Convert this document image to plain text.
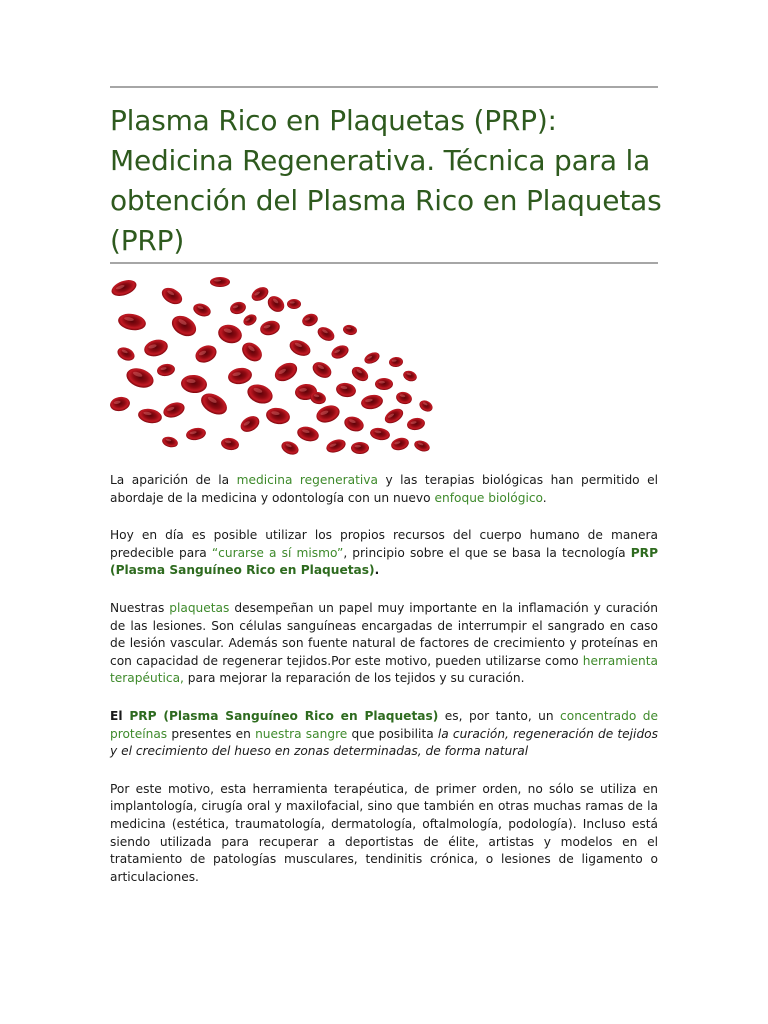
Plasma Rico en Plaquetas (PRP): Medicina Regenerativa. Técnica para la obtención del Plasma Rico en Plaquetas (PRP)

La aparición de la medicina regenerativa y las terapias biológicas han permitido el abordaje de la medicina y odontología con un nuevo enfoque biológico.

Hoy en día es posible utilizar los propios recursos del cuerpo humano de manera predecible para “curarse a sí mismo”, principio sobre el que se basa la tecnología PRP (Plasma Sanguíneo Rico en Plaquetas).

Nuestras plaquetas desempeñan un papel muy importante en la inflamación y curación de las lesiones. Son células sanguíneas encargadas de interrumpir el sangrado en caso de lesión vascular. Además son fuente natural de factores de crecimiento y proteínas en con capacidad de regenerar tejidos.Por este motivo, pueden utilizarse como herramienta terapéutica, para mejorar la reparación de los tejidos y su curación.

El PRP (Plasma Sanguíneo Rico en Plaquetas) es, por tanto, un concentrado de proteínas presentes en nuestra sangre que posibilita la curación, regeneración de tejidos y el crecimiento del hueso en zonas determinadas, de forma natural

Por este motivo, esta herramienta terapéutica, de primer orden, no sólo se utiliza en implantología, cirugía oral y maxilofacial, sino que también en otras muchas ramas de la medicina (estética, traumatología, dermatología, oftalmología, podología). Incluso está siendo utilizada para recuperar a deportistas de élite, artistas y modelos en el tratamiento de patologías musculares, tendinitis crónica, o lesiones de ligamento o articulaciones.
